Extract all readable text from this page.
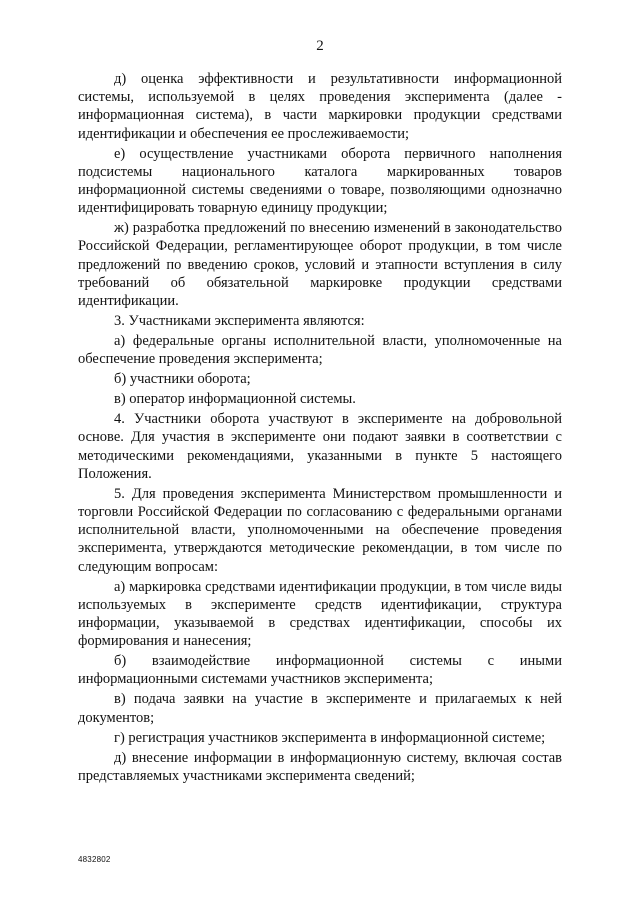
2

д) оценка эффективности и результативности информационной системы, используемой в целях проведения эксперимента (далее - информационная система), в части маркировки продукции средствами идентификации и обеспечения ее прослеживаемости;

е) осуществление участниками оборота первичного наполнения подсистемы национального каталога маркированных товаров информационной системы сведениями о товаре, позволяющими однозначно идентифицировать товарную единицу продукции;

ж) разработка предложений по внесению изменений в законодательство Российской Федерации, регламентирующее оборот продукции, в том числе предложений по введению сроков, условий и этапности вступления в силу требований об обязательной маркировке продукции средствами идентификации.

3. Участниками эксперимента являются:

а) федеральные органы исполнительной власти, уполномоченные на обеспечение проведения эксперимента;

б) участники оборота;

в) оператор информационной системы.

4. Участники оборота участвуют в эксперименте на добровольной основе. Для участия в эксперименте они подают заявки в соответствии с методическими рекомендациями, указанными в пункте 5 настоящего Положения.

5. Для проведения эксперимента Министерством промышленности и торговли Российской Федерации по согласованию с федеральными органами исполнительной власти, уполномоченными на обеспечение проведения эксперимента, утверждаются методические рекомендации, в том числе по следующим вопросам:

а) маркировка средствами идентификации продукции, в том числе виды используемых в эксперименте средств идентификации, структура информации, указываемой в средствах идентификации, способы их формирования и нанесения;

б) взаимодействие информационной системы с иными информационными системами участников эксперимента;

в) подача заявки на участие в эксперименте и прилагаемых к ней документов;

г) регистрация участников эксперимента в информационной системе;

д) внесение информации в информационную систему, включая состав представляемых участниками эксперимента сведений;

4832802
